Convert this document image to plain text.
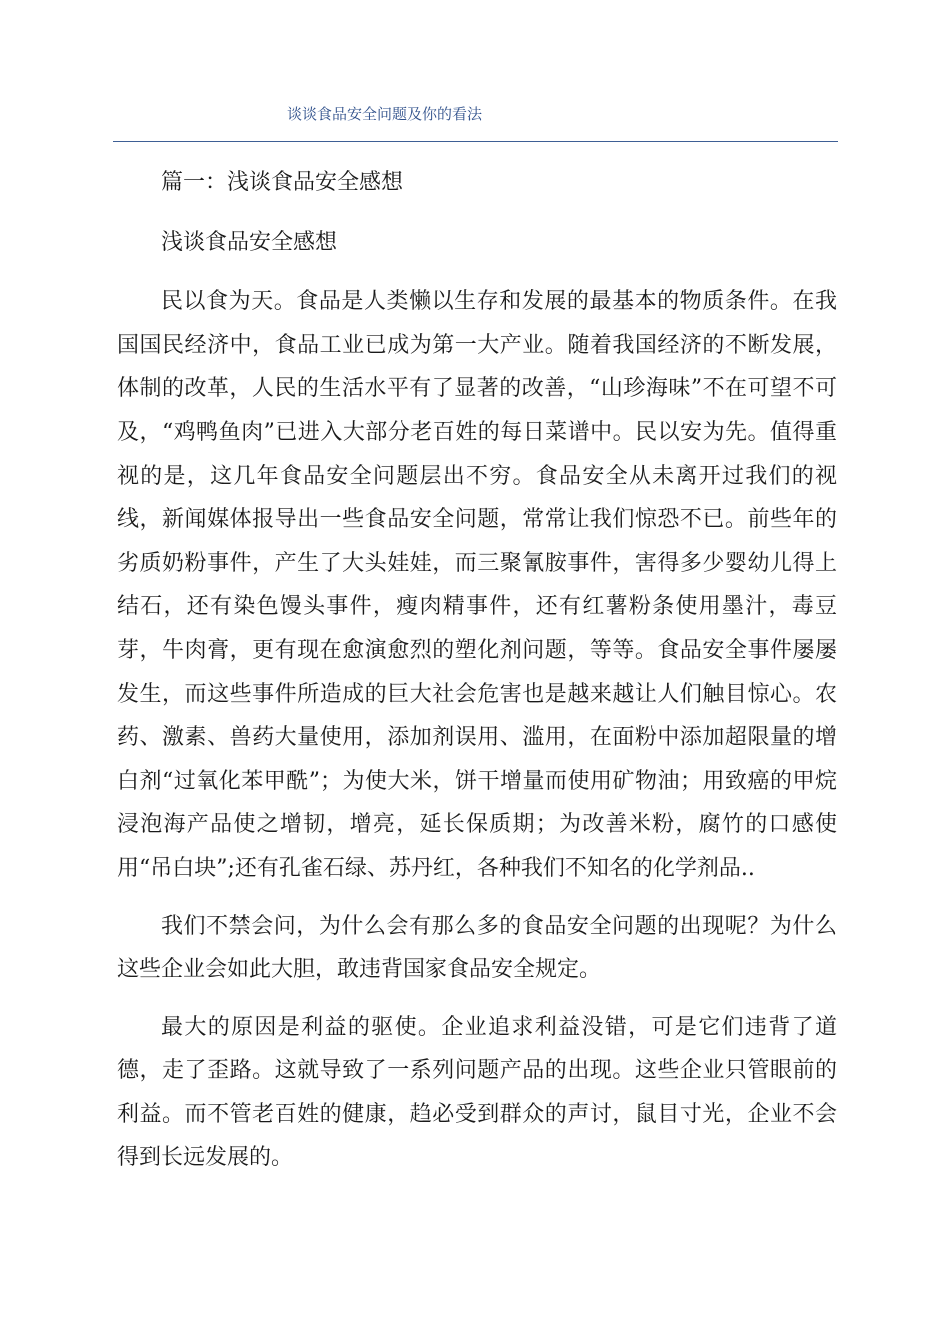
谈谈食品安全问题及你的看法

篇一：浅谈食品安全感想

浅谈食品安全感想

民以食为天。食品是人类懒以生存和发展的最基本的物质条件。在我国国民经济中，食品工业已成为第一大产业。随着我国经济的不断发展，体制的改革，人民的生活水平有了显著的改善，“山珍海味”不在可望不可及，“鸡鸭鱼肉”已进入大部分老百姓的每日菜谱中。民以安为先。值得重视的是，这几年食品安全问题层出不穷。食品安全从未离开过我们的视线，新闻媒体报导出一些食品安全问题，常常让我们惊恐不已。前些年的劣质奶粉事件，产生了大头娃娃，而三聚氰胺事件，害得多少婴幼儿得上结石，还有染色馒头事件，瘦肉精事件，还有红薯粉条使用墨汁，毒豆芽，牛肉膏，更有现在愈演愈烈的塑化剂问题，等等。食品安全事件屡屡发生，而这些事件所造成的巨大社会危害也是越来越让人们触目惊心。农药、激素、兽药大量使用，添加剂误用、滥用，在面粉中添加超限量的增白剂“过氧化苯甲酰”；为使大米，饼干增量而使用矿物油；用致癌的甲烷浸泡海产品使之增韧，增亮，延长保质期；为改善米粉，腐竹的口感使用“吊白块”;还有孔雀石绿、苏丹红，各种我们不知名的化学剂品..

我们不禁会问，为什么会有那么多的食品安全问题的出现呢？为什么这些企业会如此大胆，敢违背国家食品安全规定。

最大的原因是利益的驱使。企业追求利益没错，可是它们违背了道德，走了歪路。这就导致了一系列问题产品的出现。这些企业只管眼前的利益。而不管老百姓的健康，趋必受到群众的声讨，鼠目寸光，企业不会得到长远发展的。
